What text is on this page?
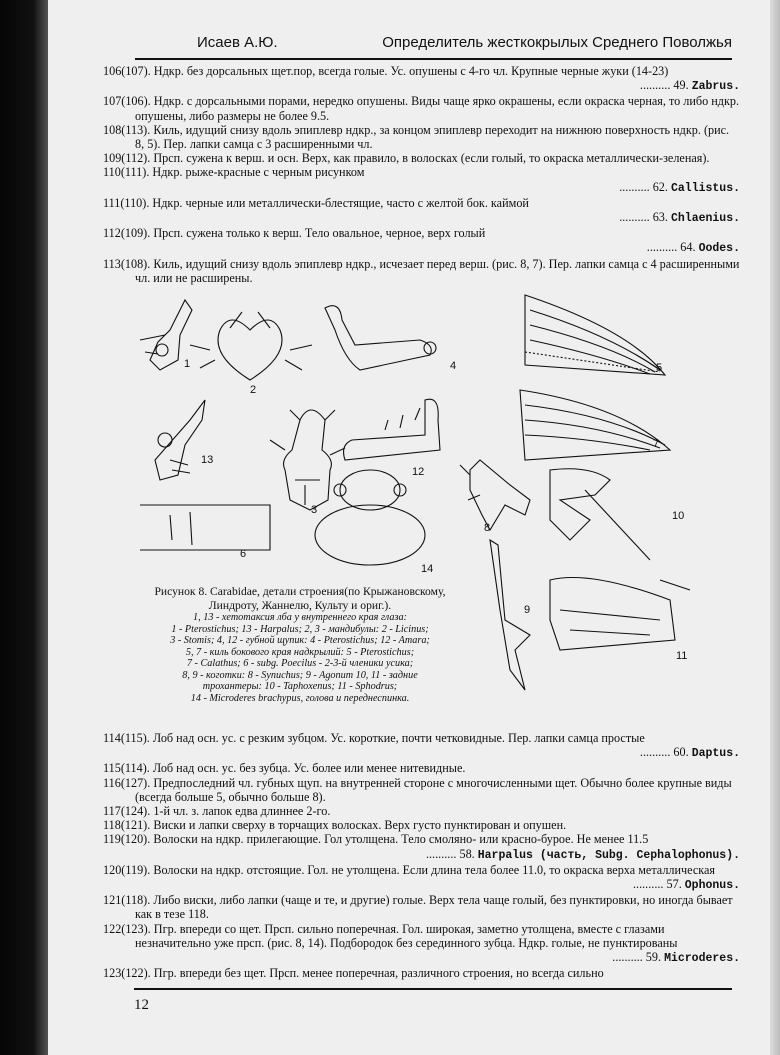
Исаев А.Ю.	Определитель жесткокрылых Среднего Поволжья

106(107). Ндкр. без дорсальных щет.пор, всегда голые. Ус. опушены с 4-го чл. Крупные черные жуки (14-23)

.......... 49. Zabrus.

107(106). Ндкр. с дорсальными порами, нередко опушены. Виды чаще ярко окрашены, если окраска черная, то либо ндкр. опушены, либо размеры не более 9.5.

108(113). Киль, идущий снизу вдоль эпиплевр ндкр., за концом эпиплевр переходит на нижнюю поверхность ндкр. (рис. 8, 5). Пер. лапки самца с 3 расширенными чл.

109(112). Прсп. сужена к верш. и осн. Верх, как правило, в волосках (если голый, то окраска металлически-зеленая).

110(111). Ндкр. рыже-красные с черным рисунком

.......... 62. Callistus.

111(110). Ндкр. черные или металлически-блестящие, часто с желтой бок. каймой

.......... 63. Chlaenius.

112(109). Прсп. сужена только к верш. Тело овальное, черное, верх голый

.......... 64. Oodes.

113(108). Киль, идущий снизу вдоль эпиплевр ндкр., исчезает перед верш. (рис. 8, 7). Пер. лапки самца с 4 расширенными чл. или не расширены.

1
2
3
4	5
6
7
8
9
10
11
12
13
14

Рисунок 8. Carabidae, детали строения(по Крыжановскому, Линдроту, Жаннелю, Культу и ориг.).

1, 13 - хетотаксия лба у внутреннего края глаза:
1 - Pterostichus; 13 - Harpalus; 2, 3 - мандибулы: 2 - Licinus;
3 - Stomis; 4, 12 - губной щупик: 4 - Pterostichus; 12 - Amara;
5, 7 - киль бокового края надкрылий: 5 - Pterostichus;
7 - Calathus; 6 - subg. Poecilus - 2-3-й членики усика;
8, 9 - коготки: 8 - Synuchus; 9 - Agonum 10, 11 - задние
трохантеры: 10 - Taphoxenus; 11 - Sphodrus;
14 - Microderes brachypus, голова и переднеспинка.

114(115). Лоб над осн. ус. с резким зубцом. Ус. короткие, почти четковидные. Пер. лапки самца простые

.......... 60. Daptus.

115(114). Лоб над осн. ус. без зубца. Ус. более или менее нитевидные.

116(127). Предпоследний чл. губных щуп. на внутренней стороне с многочисленными щет. Обычно более крупные виды (всегда больше 5, обычно больше 8).

117(124). 1-й чл. з. лапок едва длиннее 2-го.

118(121). Виски и лапки сверху в торчащих волосках. Верх густо пунктирован и опушен.

119(120). Волоски на ндкр. прилегающие. Гол утолщена. Тело смоляно- или красно-бурое. Не менее 11.5

.......... 58. Harpalus (часть, Subg. Cephalophonus).

120(119). Волоски на ндкр. отстоящие. Гол. не утолщена. Если длина тела более 11.0, то окраска верха металлическая

.......... 57. Ophonus.

121(118). Либо виски, либо лапки (чаще и те, и другие) голые. Верх тела чаще голый, без пунктировки, но иногда бывает как в тезе 118.

122(123). Пгр. впереди со щет. Прсп. сильно поперечная. Гол. широкая, заметно утолщена, вместе с глазами незначительно уже прсп. (рис. 8, 14). Подбородок без серединного зубца. Ндкр. голые, не пунктированы

.......... 59. Microderes.

123(122). Пгр. впереди без щет. Прсп. менее поперечная, различного строения, но всегда сильно

12
